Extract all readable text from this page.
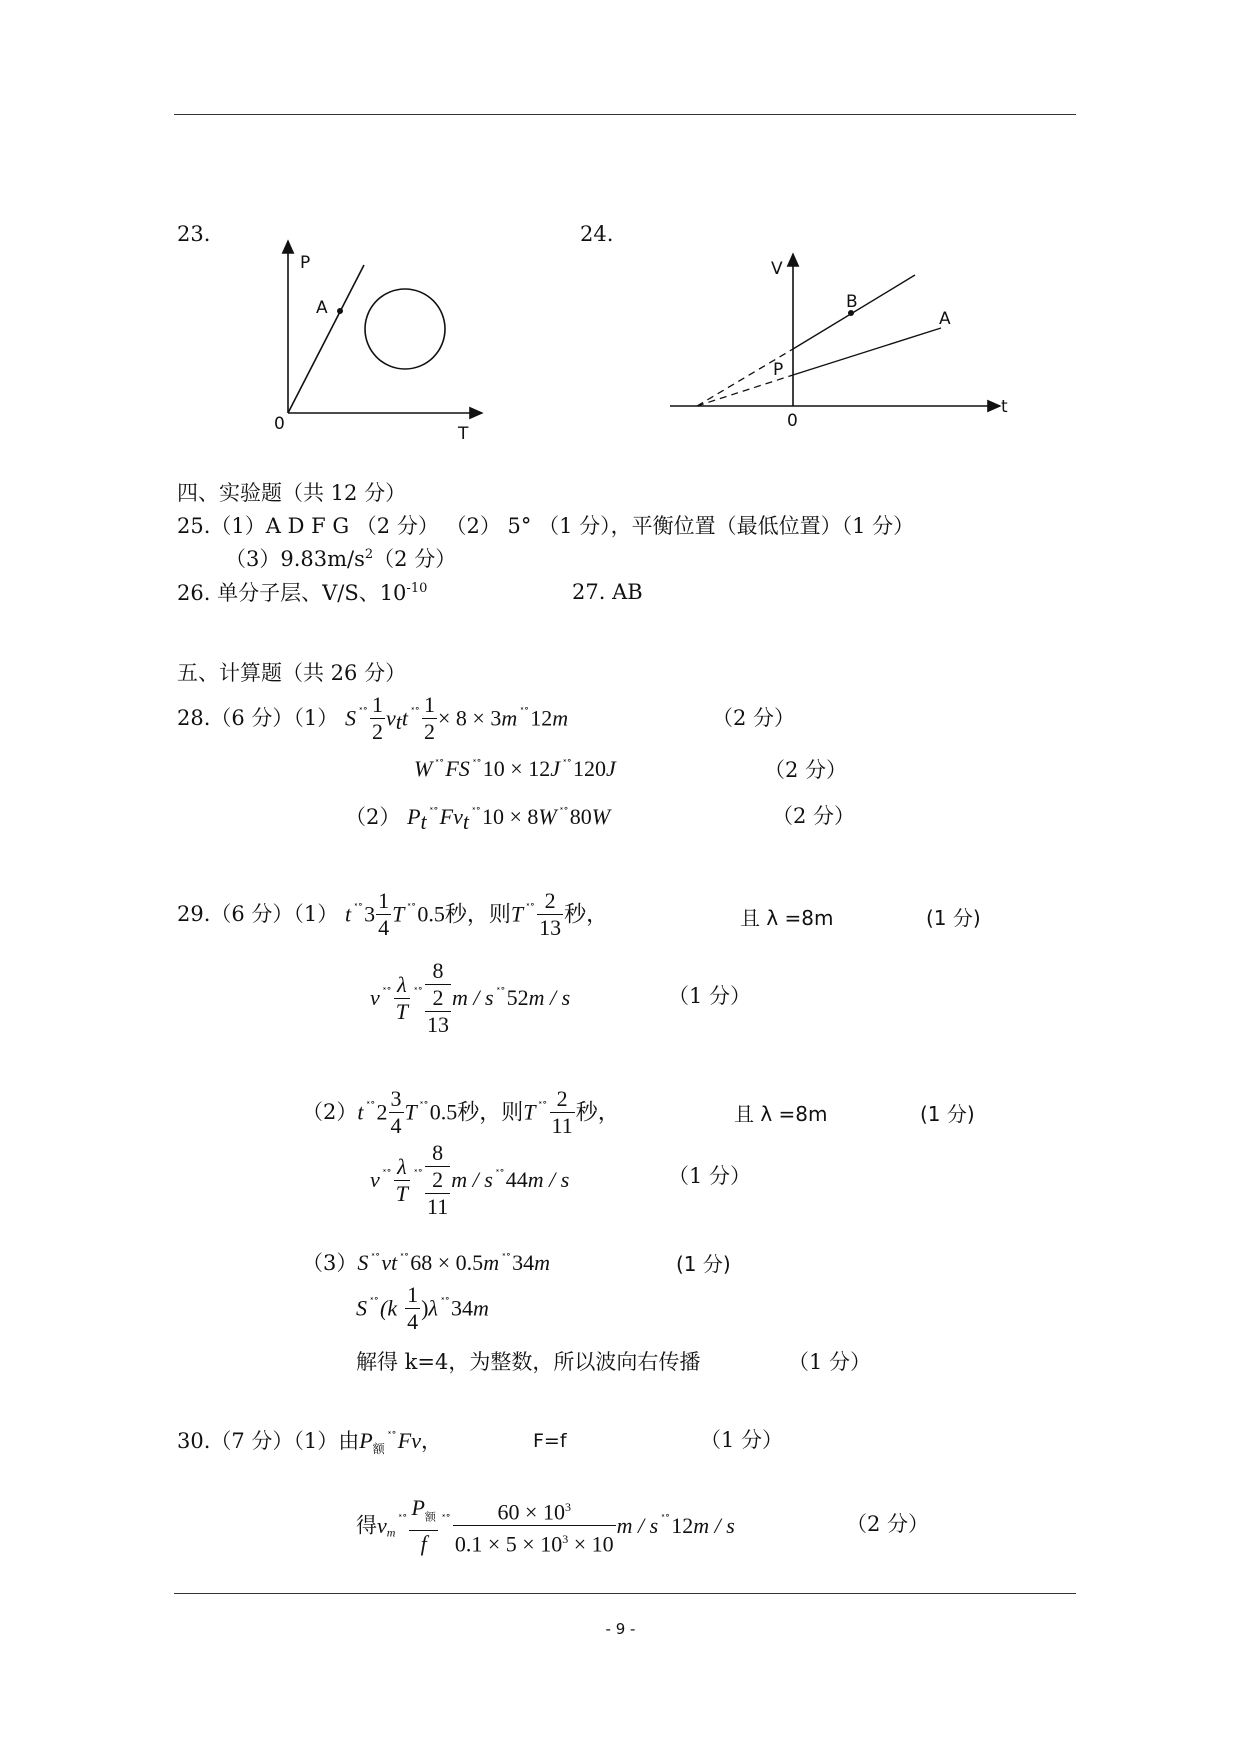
23.
P
A
0	T
24.
V
B
A
P
0
t
四、实验题（共 12 分）
25.（1）A D F G （2 分） （2） 5° （1 分），平衡位置（最低位置）（1 分）
$(3)9.83m/s^2(2$ 分）
26. 单分子层、V/S、$10^{-10}$	27. AB
五、计算题（共 26 分）
28.（6 分）（1） S $^{˟˚} \frac{1}{2} v_tt$ $^{˟˚} \frac{1}{2} \times 8 \times 3m$ ˟˚12m	（2 分）
W ˟˚FS ˟˚10 × 12J ˟˚120J	（2 分）
（2） $P_t$ $^{˟˚}Fv_t$ ˟˚10 × 8W ˟˚80W	（2 分）
29.（6 分）（1） t $^{˟˚}3 \frac{1}{4}$ T ˟˚0.5秒，则T $^{˟˚} \frac{2}{13}$ 秒，	且 λ =8m	(1 分)
v $^{˟˚} \frac{\lambda}{T} ^{˟˚}$
8
2
13
m / s ˟˚52m / s	（1 分）
（2）t $^{˟˚}2 \frac{3}{4}$ T ˟˚0.5秒，则T $^{˟˚} \frac{2}{11}$ 秒，	且 λ =8m	(1 分)
v $^{˟˚} \frac{\lambda}{T} ^{˟˚}$
8
2
11
m / s ˟˚44m / s	（1 分）
（3）S ˟˚vt ˟˚68 × 0.5m ˟˚34m	(1 分)
S $^{˟˚}(k \frac{1}{4} )\lambda$ ˟˚34m
解得 k=4，为整数，所以波向右传播	（1 分）
30.（7 分）（1）由$P_额^{˟˚}Fv$，	F=f	（1 分）
得$v_m^{˟˚} \frac{P_额}{f} ^{˟˚} \frac{60 \times 10^3}{0.1 \times 5 \times 10^3 \times 10}$ m / s ˟˚12m / s	（2 分）
- 9 -
